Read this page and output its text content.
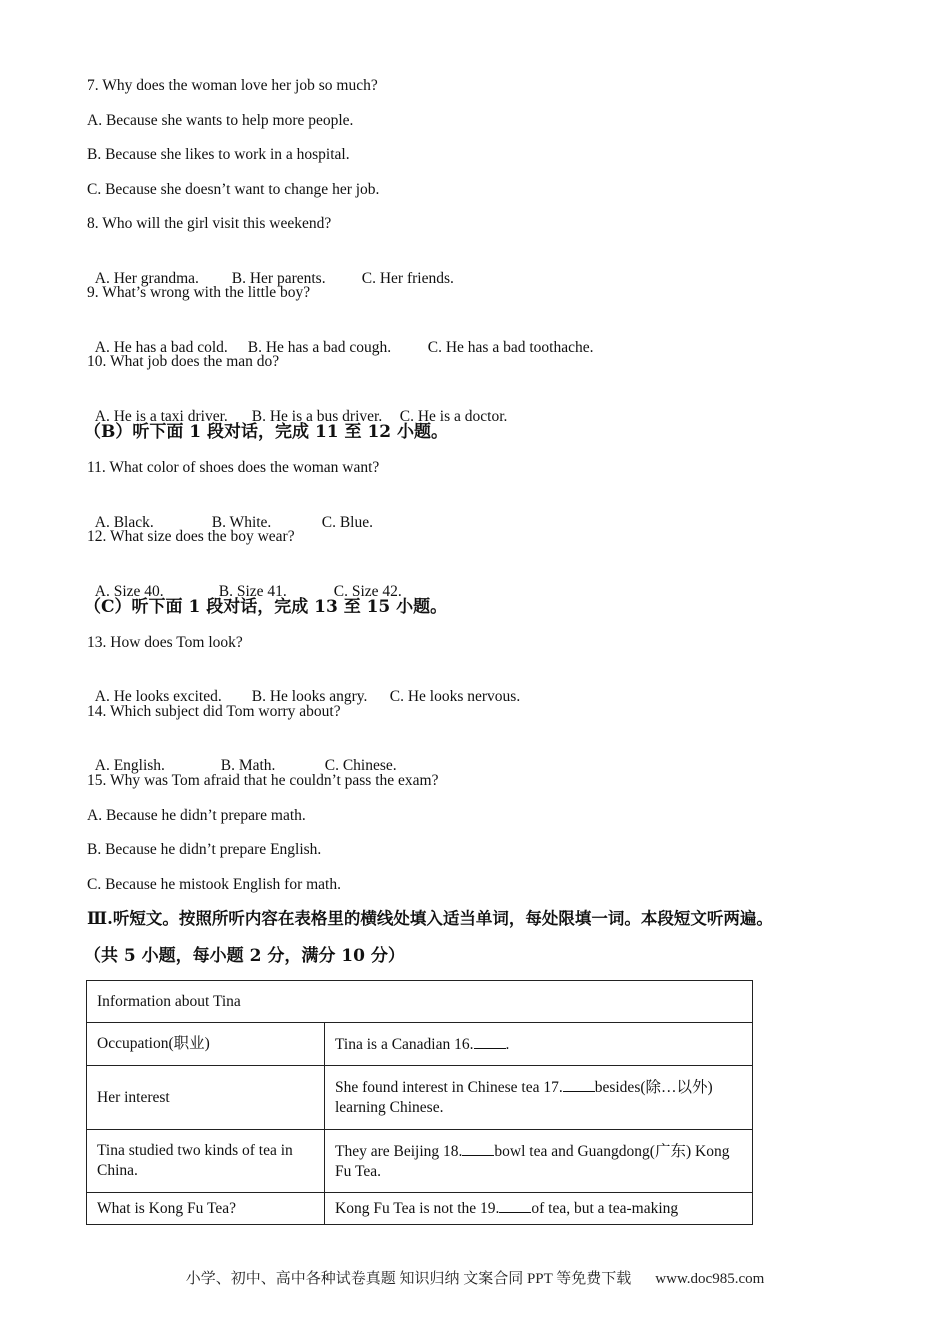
7. Why does the woman love her job so much?
A. Because she wants to help more people.
B. Because she likes to work in a hospital.
C. Because she doesn’t want to change her job.
8. Who will the girl visit this weekend?

A. Her grandma. B. Her parents. C. Her friends.

9. What’s wrong with the little boy?

A. He has a bad cold. B. He has a bad cough. C. He has a bad toothache.

10. What job does the man do?

A. He is a taxi driver. B. He is a bus driver. C. He is a doctor.

（B）听下面 1 段对话，完成 11 至 12 小题。
11. What color of shoes does the woman want?

A. Black.	B. White.	C. Blue.

12. What size does the boy wear?

A. Size 40.	B. Size 41.	C. Size 42.

（C）听下面 1 段对话，完成 13 至 15 小题。
13. How does Tom look?

A. He looks excited. B. He looks angry. C. He looks nervous.

14. Which subject did Tom worry about?

A. English.	B. Math.	C. Chinese.

15. Why was Tom afraid that he couldn’t pass the exam?
A. Because he didn’t prepare math.
B. Because he didn’t prepare English.
C. Because he mistook English for math.
Ⅲ.听短文。按照所听内容在表格里的横线处填入适当单词，每处限填一词。本段短文听两遍。
（共 5 小题，每小题 2 分，满分 10 分）
Information about Tina	
Occupation(职业)	Tina is a Canadian 16. .
Her interest	She found interest in Chinese tea 17. besides(除…以外) learning Chinese.
Tina studied two kinds of tea in China.	They are Beijing 18. bowl tea and Guangdong(广东) Kong Fu Tea.
What is Kong Fu Tea?	Kong Fu Tea is not the 19. of tea, but a tea-making
小学、初中、高中各种试卷真题 知识归纳 文案合同 PPT 等免费下载 www.doc985.com
